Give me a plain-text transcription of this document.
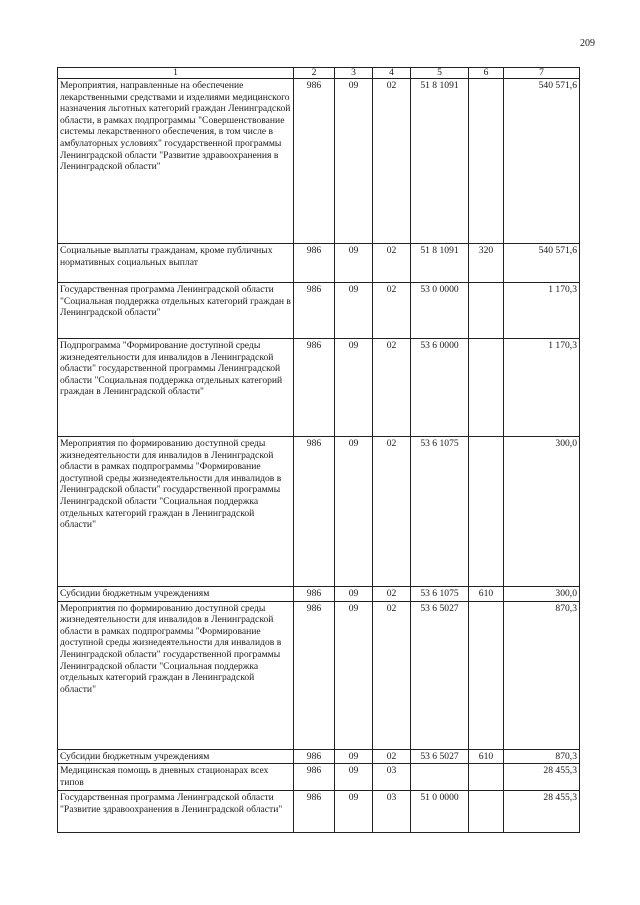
209
1	2	3	4	5	6	7
Мероприятия, направленные на обеспечение лекарственными средствами и изделиями медицинского назначения льготных категорий граждан Ленинградской области, в рамках подпрограммы "Совершенствование системы лекарственного обеспечения, в том числе в амбулаторных условиях" государственной программы Ленинградской области "Развитие здравоохранения в Ленинградской области"	986	09	02	51 8 1091		540 571,6
Социальные выплаты гражданам, кроме публичных нормативных социальных выплат	986	09	02	51 8 1091	320	540 571,6
Государственная программа Ленинградской области "Социальная поддержка отдельных категорий граждан в Ленинградской области"	986	09	02	53 0 0000		1 170,3
Подпрограмма "Формирование доступной среды жизнедеятельности для инвалидов в Ленинградской области" государственной программы Ленинградской области "Социальная поддержка отдельных категорий граждан в Ленинградской области"	986	09	02	53 6 0000		1 170,3
Мероприятия по формированию доступной среды жизнедеятельности для инвалидов в Ленинградской области в рамках подпрограммы "Формирование доступной среды жизнедеятельности для инвалидов в Ленинградской области" государственной программы Ленинградской области "Социальная поддержка отдельных категорий граждан в Ленинградской области"	986	09	02	53 6 1075		300,0
Субсидии бюджетным учреждениям	986	09	02	53 6 1075	610	300,0
Мероприятия по формированию доступной среды жизнедеятельности для инвалидов в Ленинградской области в рамках подпрограммы "Формирование доступной среды жизнедеятельности для инвалидов в Ленинградской области" государственной программы Ленинградской области "Социальная поддержка отдельных категорий граждан в Ленинградской области"	986	09	02	53 6 5027		870,3
Субсидии бюджетным учреждениям	986	09	02	53 6 5027	610	870,3
Медицинская помощь в дневных стационарах всех типов	986	09	03			28 455,3
Государственная программа Ленинградской области "Развитие здравоохранения в Ленинградской области"	986	09	03	51 0 0000		28 455,3
